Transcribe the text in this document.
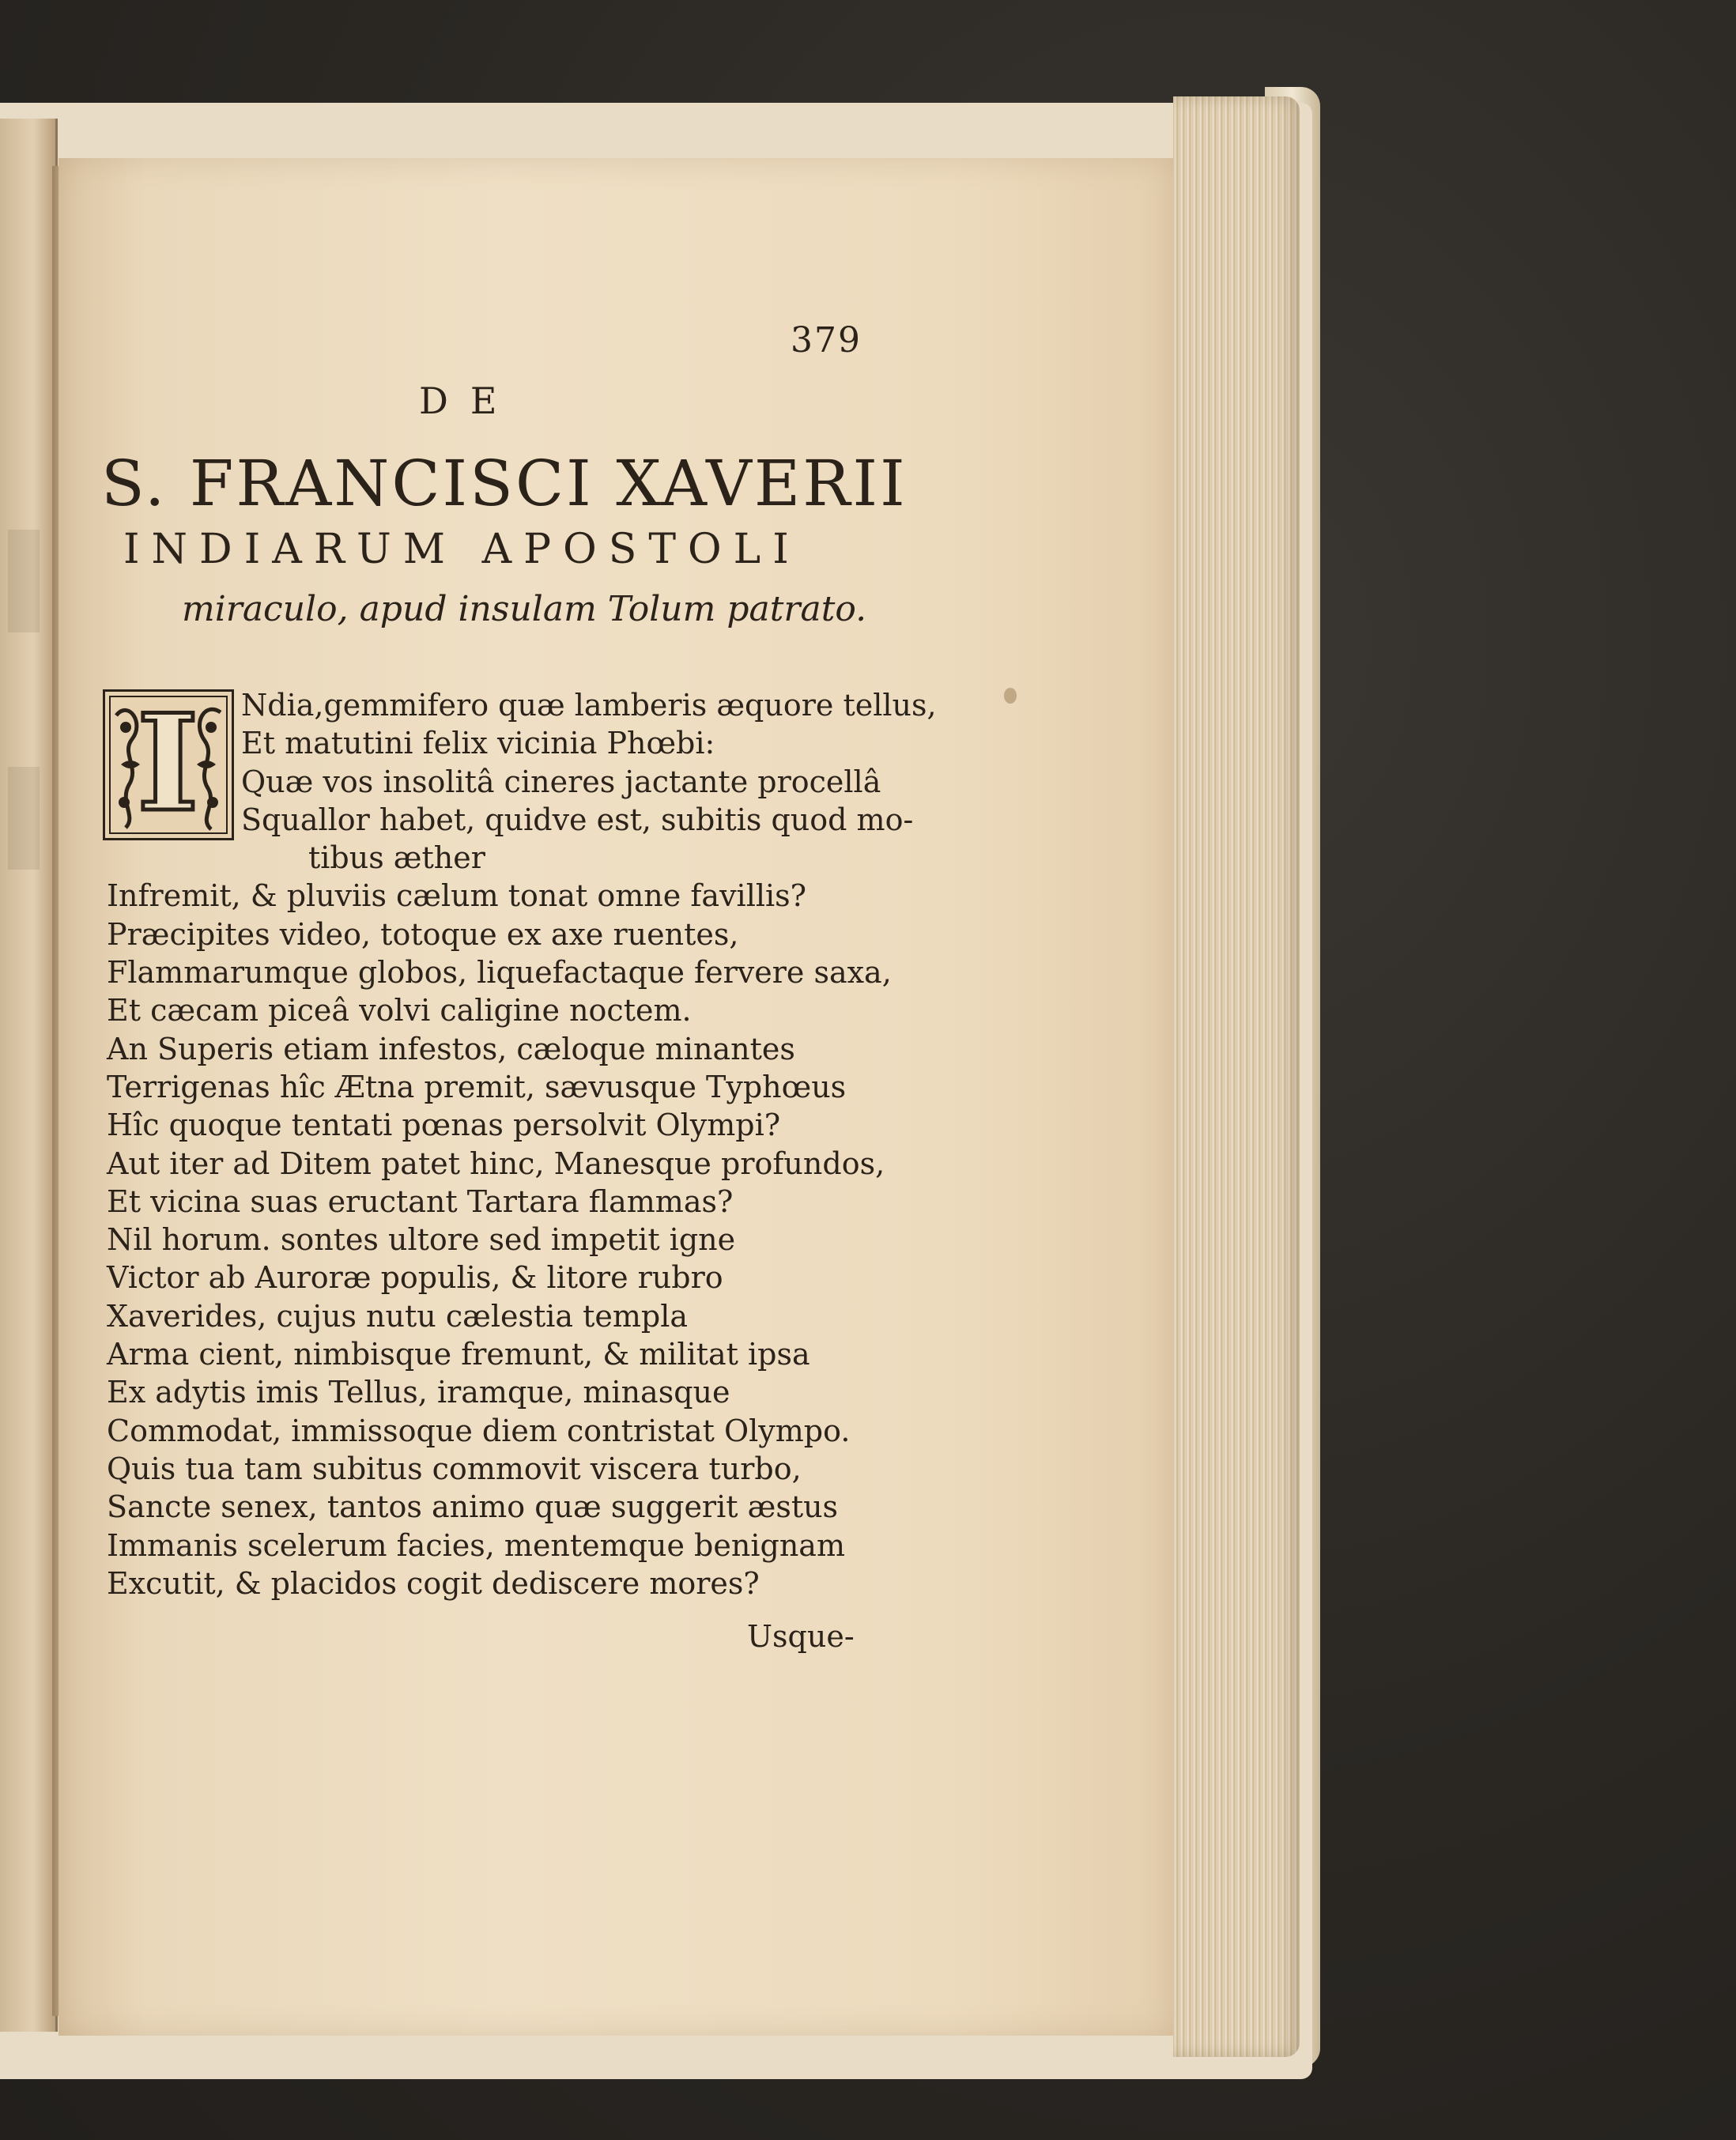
379
DE
S. FRANCISCI XAVERII
INDIARUM APOSTOLI
miraculo, apud insulam Tolum patrato.
I	Ndia,gemmifero quæ lamberis æquore tellus,
Et matutini felix vicinia Phœbi:
Quæ vos insolitâ cineres jactante procellâ
Squallor habet, quidve est, subitis quod mo-
tibus æther
Infremit, & pluviis cælum tonat omne favillis?
Præcipites video, totoque ex axe ruentes,
Flammarumque globos, liquefactaque fervere saxa,
Et cæcam piceâ volvi caligine noctem.
An Superis etiam infestos, cæloque minantes
Terrigenas hîc Ætna premit, sævusque Typhœus
Hîc quoque tentati pœnas persolvit Olympi?
Aut iter ad Ditem patet hinc, Manesque profundos,
Et vicina suas eructant Tartara flammas?
Nil horum. sontes ultore sed impetit igne
Victor ab Auroræ populis, & litore rubro
Xaverides, cujus nutu cælestia templa
Arma cient, nimbisque fremunt, & militat ipsa
Ex adytis imis Tellus, iramque, minasque
Commodat, immissoque diem contristat Olympo.
Quis tua tam subitus commovit viscera turbo,
Sancte senex, tantos animo quæ suggerit æstus
Immanis scelerum facies, mentemque benignam
Excutit, & placidos cogit dediscere mores?
Usque-
